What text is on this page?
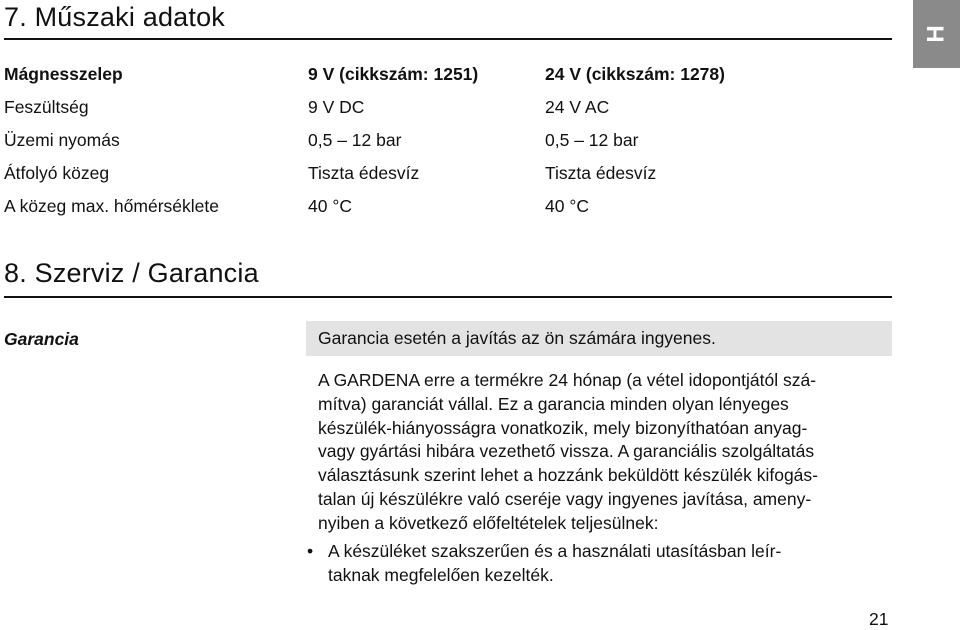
7. Műszaki adatok
H
Mágnesszelep	9 V (cikkszám: 1251)	24 V (cikkszám: 1278)
Feszültség	9 V DC	24 V AC
Üzemi nyomás	0,5 – 12 bar	0,5 – 12 bar
Átfolyó közeg	Tiszta édesvíz	Tiszta édesvíz
A közeg max. hőmérséklete	40 °C	40 °C
8. Szerviz / Garancia
Garancia	Garancia esetén a javítás az ön számára ingyenes.
A GARDENA erre a termékre 24 hónap (a vétel idopontjától szá-
mítva) garanciát vállal. Ez a garancia minden olyan lényeges
készülék-hiányosságra vonatkozik, mely bizonyíthatóan anyag-
vagy gyártási hibára vezethető vissza. A garanciális szolgáltatás
választásunk szerint lehet a hozzánk beküldött készülék kifogás-
talan új készülékre való cseréje vagy ingyenes javítása, ameny-
nyiben a következő előfeltételek teljesülnek:
• A készüléket szakszerűen és a használati utasításban leír-
taknak megfelelően kezelték.
21
